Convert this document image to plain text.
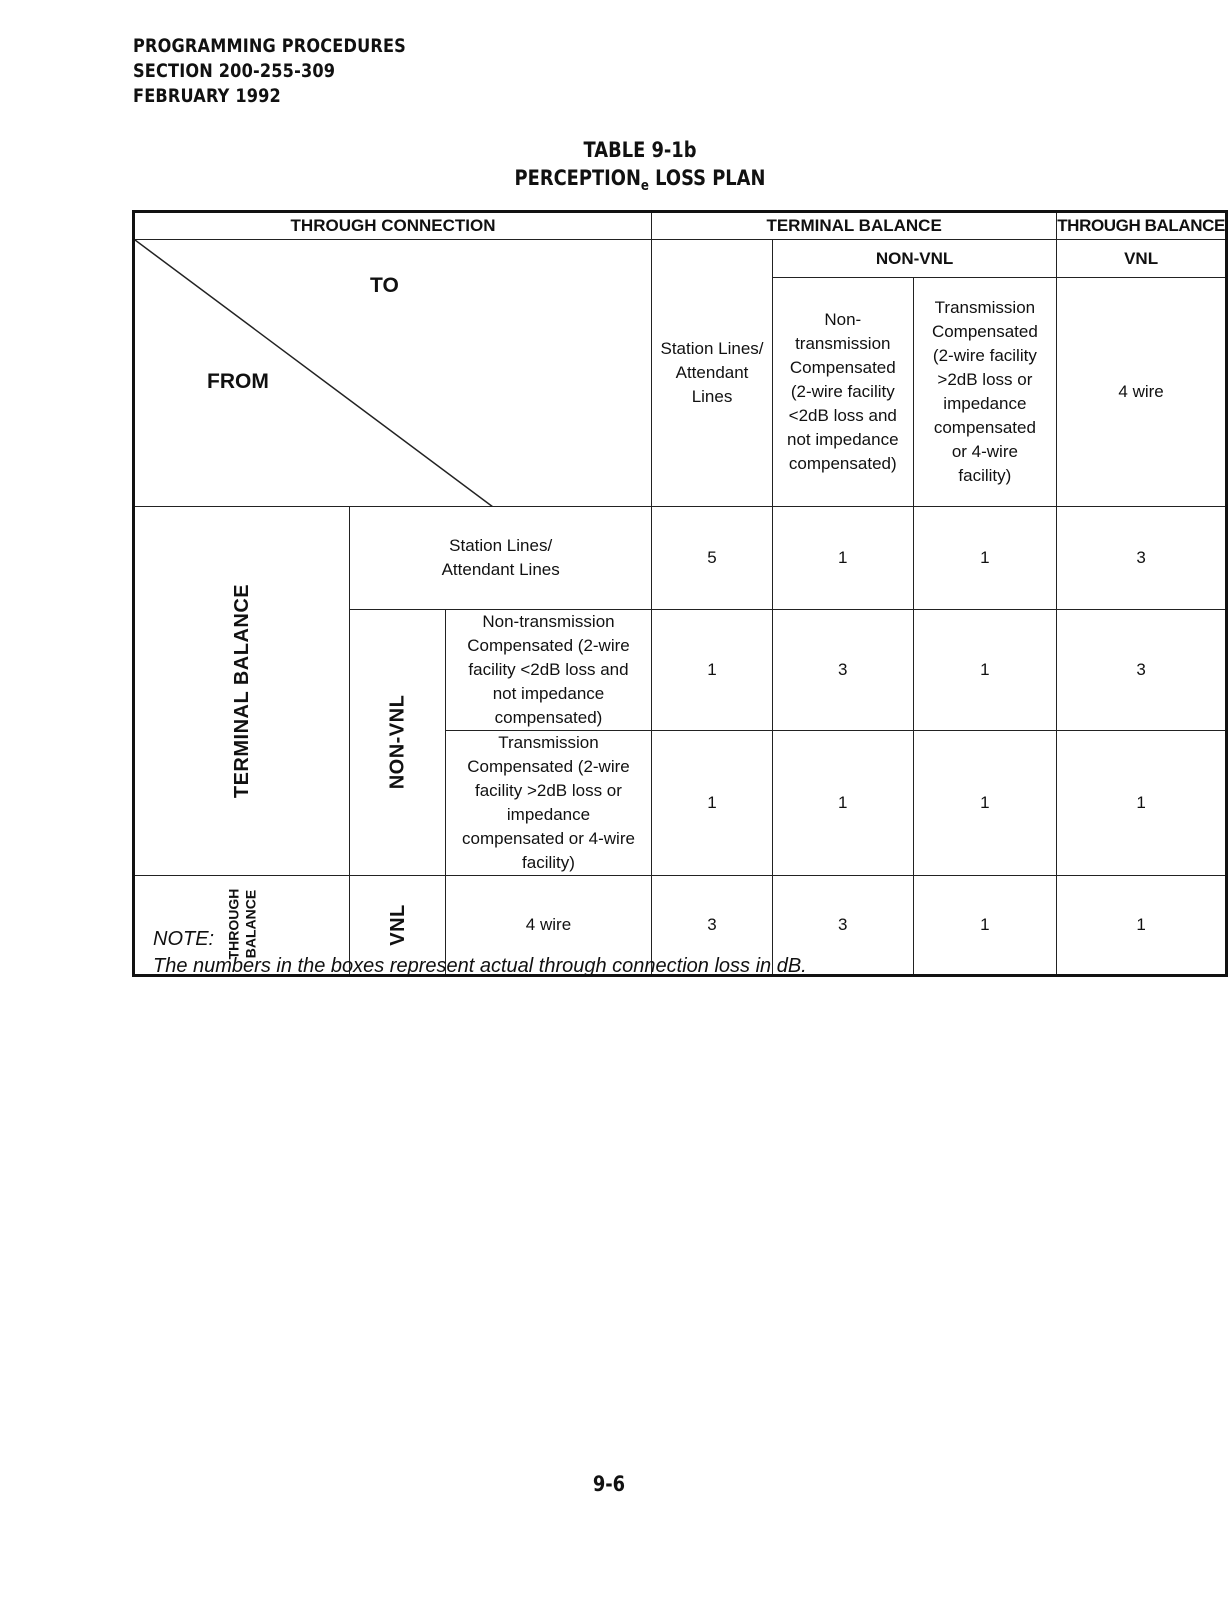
PROGRAMMING PROCEDURES
SECTION 200-255-309
FEBRUARY 1992
TABLE 9-1b
$PERCEPTION_e$ LOSS PLAN
THROUGH CONNECTION			TERMINAL BALANCE			THROUGH BALANCE

TO
FROM			Station Lines/ Attendant Lines	NON-VNL		VNL
				Non-transmission Compensated (2-wire facility <2dB loss and not impedance compensated)	Transmission Compensated (2-wire facility >2dB loss or impedance compensated or 4-wire facility)	4 wire
TERMINAL BALANCE	Station Lines/ Attendant Lines		5	1	1	3
	NON-VNL	Non-transmission Compensated (2-wire facility <2dB loss and not impedance compensated)	1	3	1	3
		Transmission Compensated (2-wire facility >2dB loss or impedance compensated or 4-wire facility)	1	1	1	1
THROUGH
BALANCE	VNL	4 wire	3	3	1	1
NOTE:
The numbers in the boxes represent actual through connection loss in dB.
9-6
